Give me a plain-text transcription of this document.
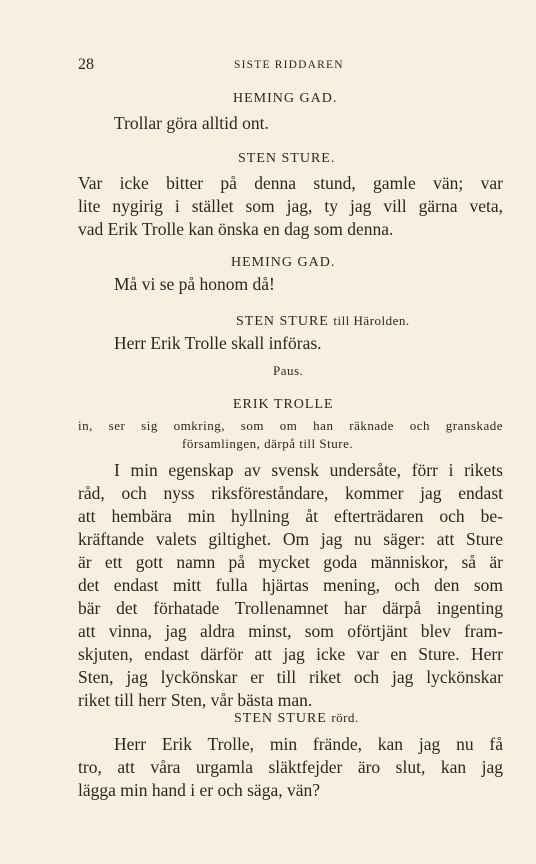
28	SISTE RIDDAREN
HEMING GAD.
Trollar göra alltid ont.
STEN STURE.
Var icke bitter på denna stund, gamle vän; var
lite nygirig i stället som jag, ty jag vill gärna veta,
vad Erik Trolle kan önska en dag som denna.
HEMING GAD.
Må vi se på honom då!
STEN STURE till Härolden.
Herr Erik Trolle skall införas.
Paus.
ERIK TROLLE
in, ser sig omkring, som om han räknade och granskade
församlingen, därpå till Sture.
I min egenskap av svensk undersåte, förr i rikets
råd, och nyss riksföreståndare, kommer jag endast
att hembära min hyllning åt efterträdaren och be-
kräftande valets giltighet. Om jag nu säger: att Sture
är ett gott namn på mycket goda människor, så är
det endast mitt fulla hjärtas mening, och den som
bär det förhatade Trollenamnet har därpå ingenting
att vinna, jag aldra minst, som oförtjänt blev fram-
skjuten, endast därför att jag icke var en Sture. Herr
Sten, jag lyckönskar er till riket och jag lyckönskar
riket till herr Sten, vår bästa man.
STEN STURE rörd.
Herr Erik Trolle, min frände, kan jag nu få
tro, att våra urgamla släktfejder äro slut, kan jag
lägga min hand i er och säga, vän?
